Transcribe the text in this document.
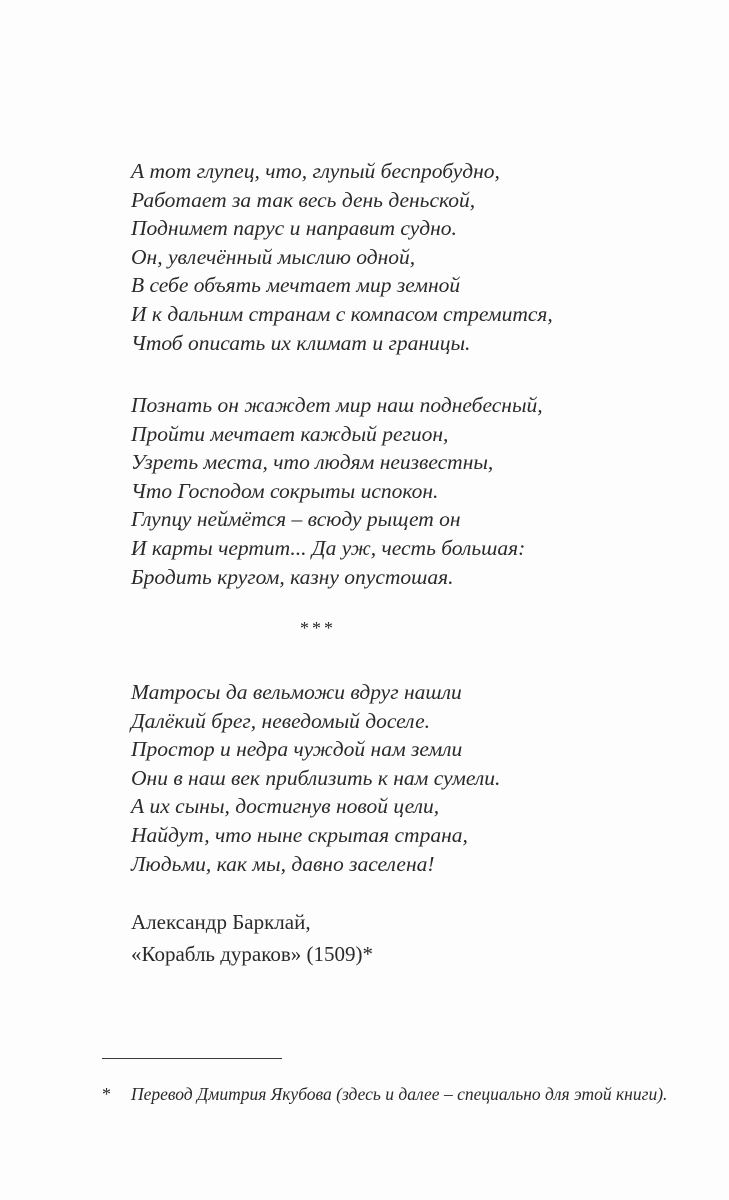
А тот глупец, что, глупый беспробудно,
Работает за так весь день деньской,
Поднимет парус и направит судно.
Он, увлечённый мыслию одной,
В себе объять мечтает мир земной
И к дальним странам с компасом стремится,
Чтоб описать их климат и границы.
Познать он жаждет мир наш поднебесный,
Пройти мечтает каждый регион,
Узреть места, что людям неизвестны,
Что Господом сокрыты испокон.
Глупцу неймётся – всюду рыщет он
И карты чертит... Да уж, честь большая:
Бродить кругом, казну опустошая.
***
Матросы да вельможи вдруг нашли
Далёкий брег, неведомый доселе.
Простор и недра чуждой нам земли
Они в наш век приблизить к нам сумели.
А их сыны, достигнув новой цели,
Найдут, что ныне скрытая страна,
Людьми, как мы, давно заселена!
Александр Барклай,
«Корабль дураков» (1509)*
* Перевод Дмитрия Якубова (здесь и далее – специально для этой книги).
